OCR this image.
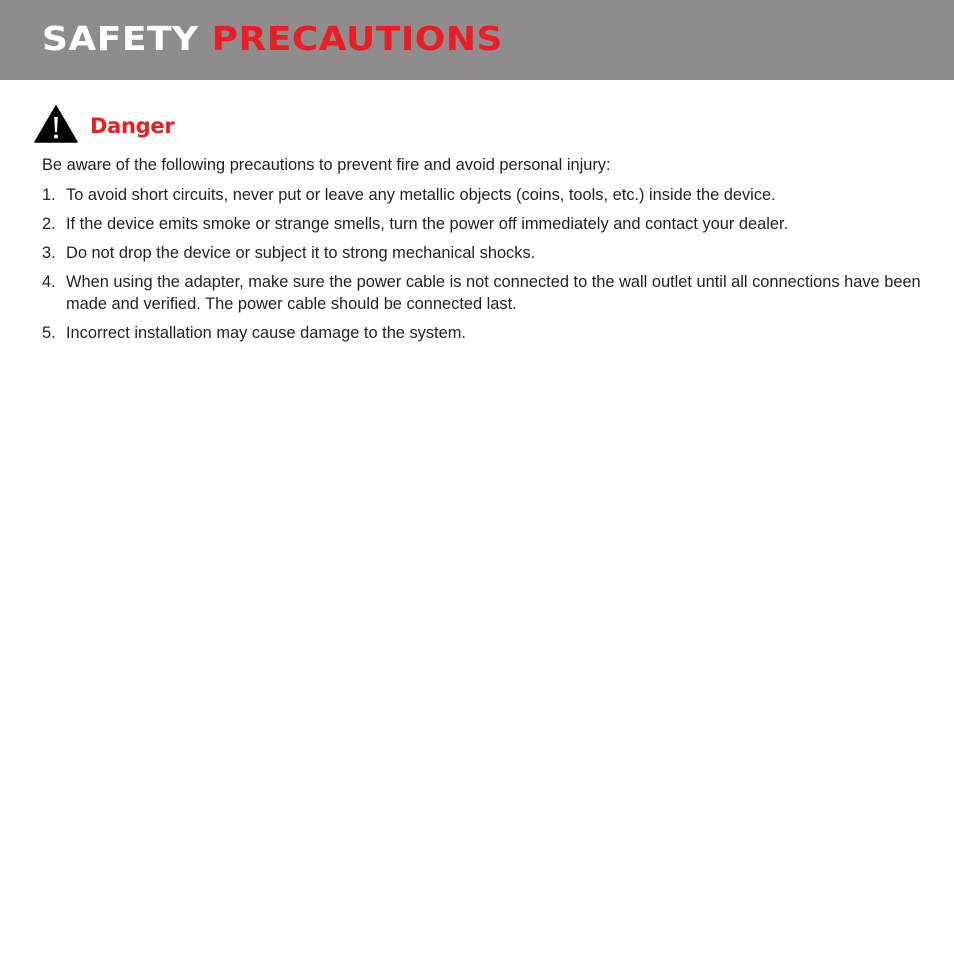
SAFETY PRECAUTIONS
Danger

Be aware of the following precautions to prevent fire and avoid personal injury:

1. To avoid short circuits, never put or leave any metallic objects (coins, tools, etc.) inside the device.
2. If the device emits smoke or strange smells, turn the power off immediately and contact your dealer.
3. Do not drop the device or subject it to strong mechanical shocks.
4. When using the adapter, make sure the power cable is not connected to the wall outlet until all connections have been made and verified. The power cable should be connected last.
5. Incorrect installation may cause damage to the system.
